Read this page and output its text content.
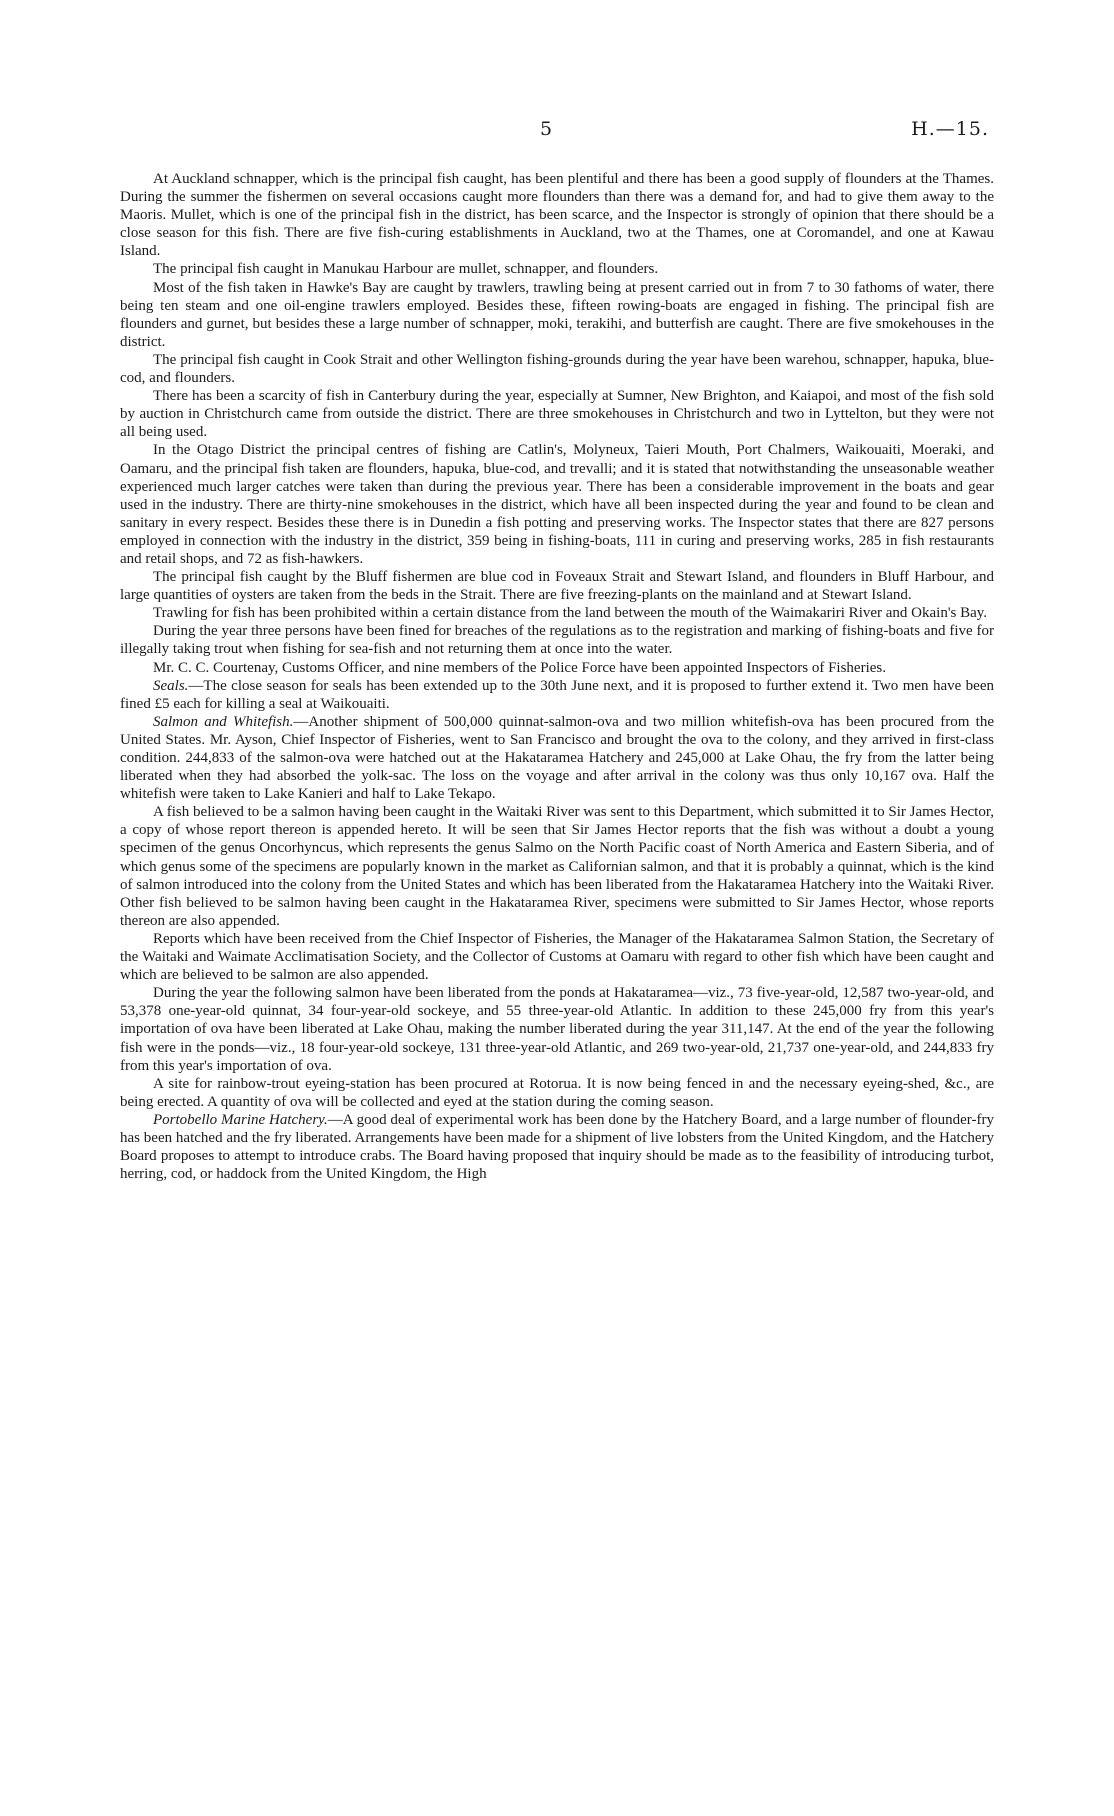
5	H.—15.

At Auckland schnapper, which is the principal fish caught, has been plentiful and there has been a good supply of flounders at the Thames. During the summer the fishermen on several occasions caught more flounders than there was a demand for, and had to give them away to the Maoris. Mullet, which is one of the principal fish in the district, has been scarce, and the Inspector is strongly of opinion that there should be a close season for this fish. There are five fish-curing establishments in Auckland, two at the Thames, one at Coromandel, and one at Kawau Island.

The principal fish caught in Manukau Harbour are mullet, schnapper, and flounders.

Most of the fish taken in Hawke's Bay are caught by trawlers, trawling being at present carried out in from 7 to 30 fathoms of water, there being ten steam and one oil-engine trawlers employed. Besides these, fifteen rowing-boats are engaged in fishing. The principal fish are flounders and gurnet, but besides these a large number of schnapper, moki, terakihi, and butterfish are caught. There are five smokehouses in the district.

The principal fish caught in Cook Strait and other Wellington fishing-grounds during the year have been warehou, schnapper, hapuka, blue-cod, and flounders.

There has been a scarcity of fish in Canterbury during the year, especially at Sumner, New Brighton, and Kaiapoi, and most of the fish sold by auction in Christchurch came from outside the district. There are three smokehouses in Christchurch and two in Lyttelton, but they were not all being used.

In the Otago District the principal centres of fishing are Catlin's, Molyneux, Taieri Mouth, Port Chalmers, Waikouaiti, Moeraki, and Oamaru, and the principal fish taken are flounders, hapuka, blue-cod, and trevalli; and it is stated that notwithstanding the unseasonable weather experienced much larger catches were taken than during the previous year. There has been a considerable improvement in the boats and gear used in the industry. There are thirty-nine smokehouses in the district, which have all been inspected during the year and found to be clean and sanitary in every respect. Besides these there is in Dunedin a fish potting and preserving works. The Inspector states that there are 827 persons employed in connection with the industry in the district, 359 being in fishing-boats, 111 in curing and preserving works, 285 in fish restaurants and retail shops, and 72 as fish-hawkers.

The principal fish caught by the Bluff fishermen are blue cod in Foveaux Strait and Stewart Island, and flounders in Bluff Harbour, and large quantities of oysters are taken from the beds in the Strait. There are five freezing-plants on the mainland and at Stewart Island.

Trawling for fish has been prohibited within a certain distance from the land between the mouth of the Waimakariri River and Okain's Bay.

During the year three persons have been fined for breaches of the regulations as to the registration and marking of fishing-boats and five for illegally taking trout when fishing for sea-fish and not returning them at once into the water.

Mr. C. C. Courtenay, Customs Officer, and nine members of the Police Force have been appointed Inspectors of Fisheries.

Seals.—The close season for seals has been extended up to the 30th June next, and it is proposed to further extend it. Two men have been fined £5 each for killing a seal at Waikouaiti.

Salmon and Whitefish.—Another shipment of 500,000 quinnat-salmon-ova and two million whitefish-ova has been procured from the United States. Mr. Ayson, Chief Inspector of Fisheries, went to San Francisco and brought the ova to the colony, and they arrived in first-class condition. 244,833 of the salmon-ova were hatched out at the Hakataramea Hatchery and 245,000 at Lake Ohau, the fry from the latter being liberated when they had absorbed the yolk-sac. The loss on the voyage and after arrival in the colony was thus only 10,167 ova. Half the whitefish were taken to Lake Kanieri and half to Lake Tekapo.

A fish believed to be a salmon having been caught in the Waitaki River was sent to this Department, which submitted it to Sir James Hector, a copy of whose report thereon is appended hereto. It will be seen that Sir James Hector reports that the fish was without a doubt a young specimen of the genus Oncorhyncus, which represents the genus Salmo on the North Pacific coast of North America and Eastern Siberia, and of which genus some of the specimens are popularly known in the market as Californian salmon, and that it is probably a quinnat, which is the kind of salmon introduced into the colony from the United States and which has been liberated from the Hakataramea Hatchery into the Waitaki River. Other fish believed to be salmon having been caught in the Hakataramea River, specimens were submitted to Sir James Hector, whose reports thereon are also appended.

Reports which have been received from the Chief Inspector of Fisheries, the Manager of the Hakataramea Salmon Station, the Secretary of the Waitaki and Waimate Acclimatisation Society, and the Collector of Customs at Oamaru with regard to other fish which have been caught and which are believed to be salmon are also appended.

During the year the following salmon have been liberated from the ponds at Hakataramea—viz., 73 five-year-old, 12,587 two-year-old, and 53,378 one-year-old quinnat, 34 four-year-old sockeye, and 55 three-year-old Atlantic. In addition to these 245,000 fry from this year's importation of ova have been liberated at Lake Ohau, making the number liberated during the year 311,147. At the end of the year the following fish were in the ponds—viz., 18 four-year-old sockeye, 131 three-year-old Atlantic, and 269 two-year-old, 21,737 one-year-old, and 244,833 fry from this year's importation of ova.

A site for rainbow-trout eyeing-station has been procured at Rotorua. It is now being fenced in and the necessary eyeing-shed, &c., are being erected. A quantity of ova will be collected and eyed at the station during the coming season.

Portobello Marine Hatchery.—A good deal of experimental work has been done by the Hatchery Board, and a large number of flounder-fry has been hatched and the fry liberated. Arrangements have been made for a shipment of live lobsters from the United Kingdom, and the Hatchery Board proposes to attempt to introduce crabs. The Board having proposed that inquiry should be made as to the feasibility of introducing turbot, herring, cod, or haddock from the United Kingdom, the High
